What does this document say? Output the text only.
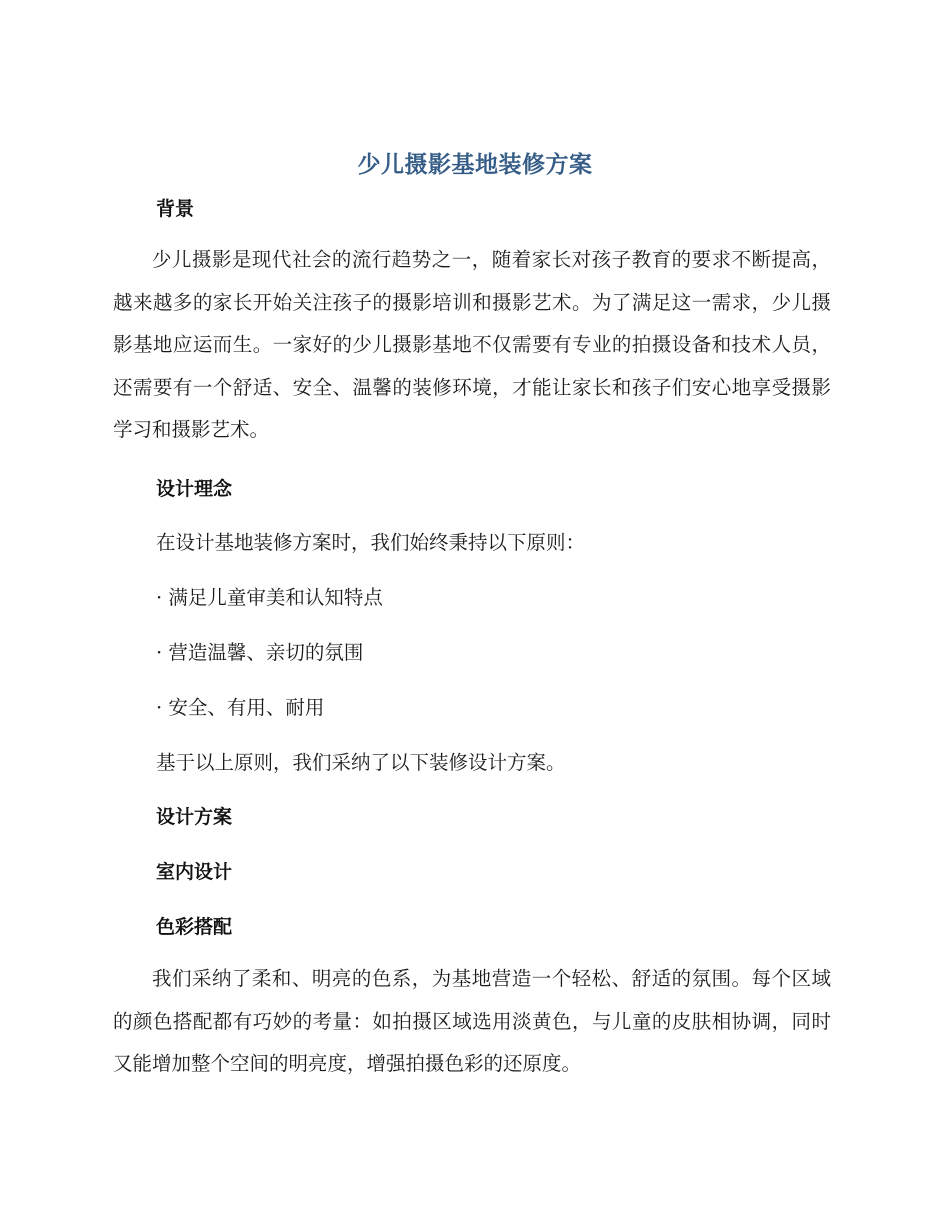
少儿摄影基地装修方案
背景

少儿摄影是现代社会的流行趋势之一，随着家长对孩子教育的要求不断提高，越来越多的家长开始关注孩子的摄影培训和摄影艺术。为了满足这一需求，少儿摄影基地应运而生。一家好的少儿摄影基地不仅需要有专业的拍摄设备和技术人员，还需要有一个舒适、安全、温馨的装修环境，才能让家长和孩子们安心地享受摄影学习和摄影艺术。

设计理念
在设计基地装修方案时，我们始终秉持以下原则：
· 满足儿童审美和认知特点
· 营造温馨、亲切的氛围
· 安全、有用、耐用
基于以上原则，我们采纳了以下装修设计方案。
设计方案
室内设计
色彩搭配

我们采纳了柔和、明亮的色系，为基地营造一个轻松、舒适的氛围。每个区域的颜色搭配都有巧妙的考量：如拍摄区域选用淡黄色，与儿童的皮肤相协调，同时又能增加整个空间的明亮度，增强拍摄色彩的还原度。
